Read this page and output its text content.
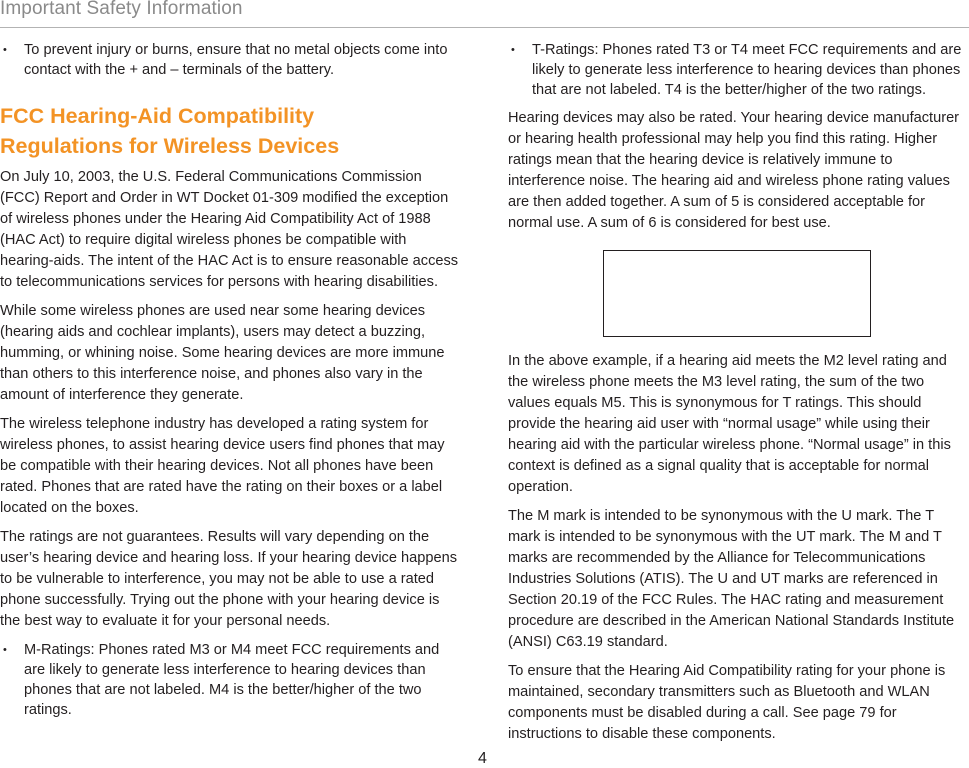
Important Safety Information
• To prevent injury or burns, ensure that no metal objects come into contact with the + and – terminals of the battery.
FCC Hearing-Aid Compatibility Regulations for Wireless Devices

On July 10, 2003, the U.S. Federal Communications Commission (FCC) Report and Order in WT Docket 01-309 modified the exception of wireless phones under the Hearing Aid Compatibility Act of 1988 (HAC Act) to require digital wireless phones be compatible with hearing-aids. The intent of the HAC Act is to ensure reasonable access to telecommunications services for persons with hearing disabilities.

While some wireless phones are used near some hearing devices (hearing aids and cochlear implants), users may detect a buzzing, humming, or whining noise. Some hearing devices are more immune than others to this interference noise, and phones also vary in the amount of interference they generate.

The wireless telephone industry has developed a rating system for wireless phones, to assist hearing device users find phones that may be compatible with their hearing devices. Not all phones have been rated. Phones that are rated have the rating on their boxes or a label located on the boxes.

The ratings are not guarantees. Results will vary depending on the user’s hearing device and hearing loss. If your hearing device happens to be vulnerable to interference, you may not be able to use a rated phone successfully. Trying out the phone with your hearing device is the best way to evaluate it for your personal needs.

• M-Ratings: Phones rated M3 or M4 meet FCC requirements and are likely to generate less interference to hearing devices than phones that are not labeled. M4 is the better/higher of the two ratings.
• T-Ratings: Phones rated T3 or T4 meet FCC requirements and are likely to generate less interference to hearing devices than phones that are not labeled. T4 is the better/higher of the two ratings.

Hearing devices may also be rated. Your hearing device manufacturer or hearing health professional may help you find this rating. Higher ratings mean that the hearing device is relatively immune to interference noise. The hearing aid and wireless phone rating values are then added together. A sum of 5 is considered acceptable for normal use. A sum of 6 is considered for best use.

In the above example, if a hearing aid meets the M2 level rating and the wireless phone meets the M3 level rating, the sum of the two values equals M5. This is synonymous for T ratings. This should provide the hearing aid user with “normal usage” while using their hearing aid with the particular wireless phone. “Normal usage” in this context is defined as a signal quality that is acceptable for normal operation.

The M mark is intended to be synonymous with the U mark. The T mark is intended to be synonymous with the UT mark. The M and T marks are recommended by the Alliance for Telecommunications Industries Solutions (ATIS). The U and UT marks are referenced in Section 20.19 of the FCC Rules. The HAC rating and measurement procedure are described in the American National Standards Institute (ANSI) C63.19 standard.

To ensure that the Hearing Aid Compatibility rating for your phone is maintained, secondary transmitters such as Bluetooth and WLAN components must be disabled during a call. See page 79 for instructions to disable these components.

4
